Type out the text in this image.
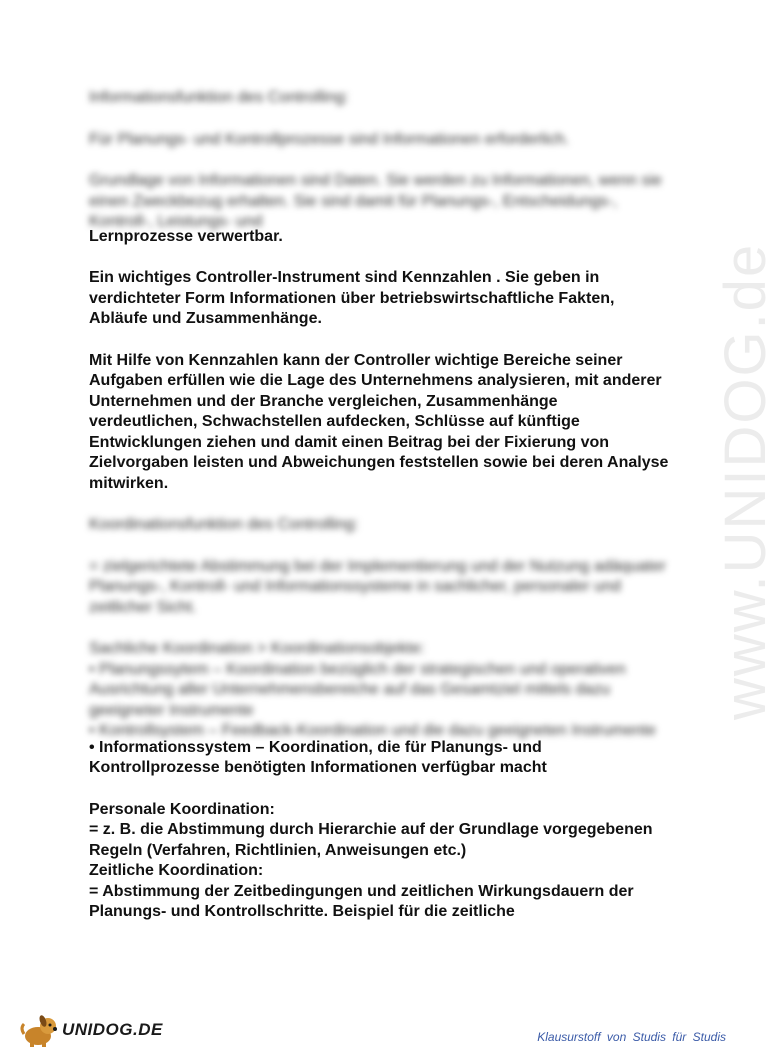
www.UNIDOG.de

Informationsfunktion des Controlling:

Für Planungs- und Kontrollprozesse sind Informationen erforderlich.

Grundlage von Informationen sind Daten. Sie werden zu Informationen, wenn sie einen Zweckbezug erhalten. Sie sind damit für Planungs-, Entscheidungs-, Kontroll-, Leistungs- und

Lernprozesse verwertbar.

Ein wichtiges Controller-Instrument sind Kennzahlen . Sie geben in verdichteter Form Informationen über betriebswirtschaftliche Fakten, Abläufe und Zusammenhänge.

Mit Hilfe von Kennzahlen kann der Controller wichtige Bereiche seiner Aufgaben erfüllen wie die Lage des Unternehmens analysieren, mit anderer Unternehmen und der Branche vergleichen, Zusammenhänge verdeutlichen, Schwachstellen aufdecken, Schlüsse auf künftige Entwicklungen ziehen und damit einen Beitrag bei der Fixierung von Zielvorgaben leisten und Abweichungen feststellen sowie bei deren Analyse mitwirken.

Koordinationsfunktion des Controlling:

= zielgerichtete Abstimmung bei der Implementierung und der Nutzung adäquater Planungs-, Kontroll- und Informationssysteme in sachlicher, personaler und zeitlicher Sicht.

Sachliche Koordination > Koordinationsobjekte:

• Planungssytem – Koordination bezüglich der strategischen und operativen Ausrichtung aller Unternehmensbereiche auf das Gesamtziel mittels dazu geeigneter Instrumente

• Kontrollsystem – Feedback-Koordination und die dazu geeigneten Instrumente

• Informationssystem – Koordination, die für Planungs- und Kontrollprozesse benötigten Informationen verfügbar macht

Personale Koordination:

= z. B. die Abstimmung durch Hierarchie auf der Grundlage vorgegebenen Regeln (Verfahren, Richtlinien, Anweisungen etc.)

Zeitliche Koordination:

= Abstimmung der Zeitbedingungen und zeitlichen Wirkungsdauern der Planungs- und Kontrollschritte. Beispiel für die zeitliche

UNIDOG.DE	Klausurstoff von Studis für Studis
